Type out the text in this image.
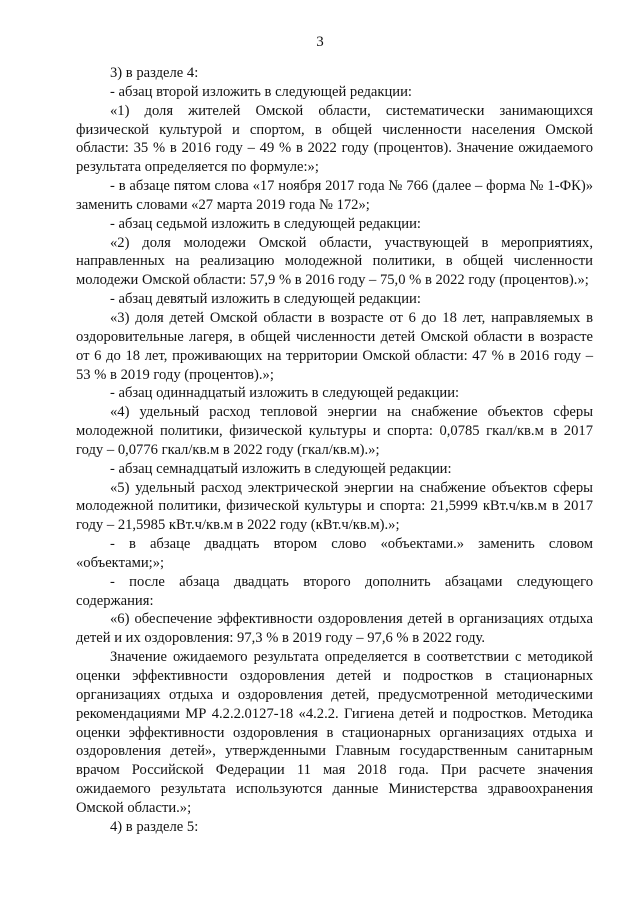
3

3) в разделе 4:

- абзац второй изложить в следующей редакции:

«1) доля жителей Омской области, систематически занимающихся физической культурой и спортом, в общей численности населения Омской области: 35 % в 2016 году – 49 % в 2022 году (процентов). Значение ожидаемого результата определяется по формуле:»;

- в абзаце пятом слова «17 ноября 2017 года № 766 (далее – форма № 1-ФК)» заменить словами «27 марта 2019 года № 172»;

- абзац седьмой изложить в следующей редакции:

«2) доля молодежи Омской области, участвующей в мероприятиях, направленных на реализацию молодежной политики, в общей численности молодежи Омской области: 57,9 % в 2016 году – 75,0 % в 2022 году (процентов).»;

- абзац девятый изложить в следующей редакции:

«3) доля детей Омской области в возрасте от 6 до 18 лет, направляемых в оздоровительные лагеря, в общей численности детей Омской области в возрасте от 6 до 18 лет, проживающих на территории Омской области: 47 % в 2016 году – 53 % в 2019 году (процентов).»;

- абзац одиннадцатый изложить в следующей редакции:

«4) удельный расход тепловой энергии на снабжение объектов сферы молодежной политики, физической культуры и спорта: 0,0785 гкал/кв.м в 2017 году – 0,0776 гкал/кв.м в 2022 году (гкал/кв.м).»;

- абзац семнадцатый изложить в следующей редакции:

«5) удельный расход электрической энергии на снабжение объектов сферы молодежной политики, физической культуры и спорта: 21,5999 кВт.ч/кв.м в 2017 году – 21,5985 кВт.ч/кв.м в 2022 году (кВт.ч/кв.м).»;

- в абзаце двадцать втором слово «объектами.» заменить словом «объектами;»;

- после абзаца двадцать второго дополнить абзацами следующего содержания:

«6) обеспечение эффективности оздоровления детей в организациях отдыха детей и их оздоровления: 97,3 % в 2019 году – 97,6 % в 2022 году.

Значение ожидаемого результата определяется в соответствии с методикой оценки эффективности оздоровления детей и подростков в стационарных организациях отдыха и оздоровления детей, предусмотренной методическими рекомендациями МР 4.2.2.0127-18 «4.2.2. Гигиена детей и подростков. Методика оценки эффективности оздоровления в стационарных организациях отдыха и оздоровления детей», утвержденными Главным государственным санитарным врачом Российской Федерации 11 мая 2018 года. При расчете значения ожидаемого результата используются данные Министерства здравоохранения Омской области.»;

4) в разделе 5:
